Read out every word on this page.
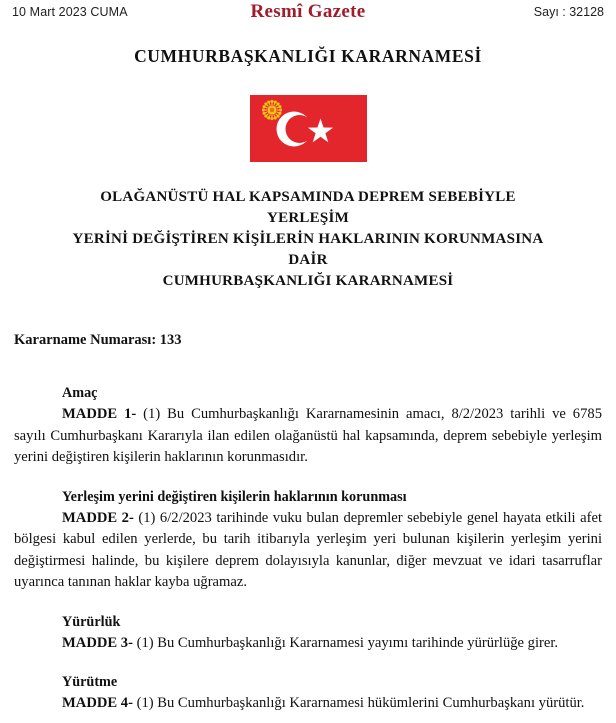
10 Mart 2023 CUMA	Resmî Gazete	Sayı : 32128
CUMHURBAŞKANLIĞI KARARNAMESİ
OLAĞANÜSTÜ HAL KAPSAMINDA DEPREM SEBEBİYLE YERLEŞİM
YERİNİ DEĞİŞTİREN KİŞİLERİN HAKLARININ KORUNMASINA DAİR
CUMHURBAŞKANLIĞI KARARNAMESİ
Kararname Numarası: 133
Amaç
MADDE 1- (1) Bu Cumhurbaşkanlığı Kararnamesinin amacı, 8/2/2023 tarihli ve 6785 sayılı Cumhurbaşkanı Kararıyla ilan edilen olağanüstü hal kapsamında, deprem sebebiyle yerleşim yerini değiştiren kişilerin haklarının korunmasıdır.
Yerleşim yerini değiştiren kişilerin haklarının korunması
MADDE 2- (1) 6/2/2023 tarihinde vuku bulan depremler sebebiyle genel hayata etkili afet bölgesi kabul edilen yerlerde, bu tarih itibarıyla yerleşim yeri bulunan kişilerin yerleşim yerini değiştirmesi halinde, bu kişilere deprem dolayısıyla kanunlar, diğer mevzuat ve idari tasarruflar uyarınca tanınan haklar kayba uğramaz.
Yürürlük
MADDE 3- (1) Bu Cumhurbaşkanlığı Kararnamesi yayımı tarihinde yürürlüğe girer.
Yürütme
MADDE 4- (1) Bu Cumhurbaşkanlığı Kararnamesi hükümlerini Cumhurbaşkanı yürütür.
